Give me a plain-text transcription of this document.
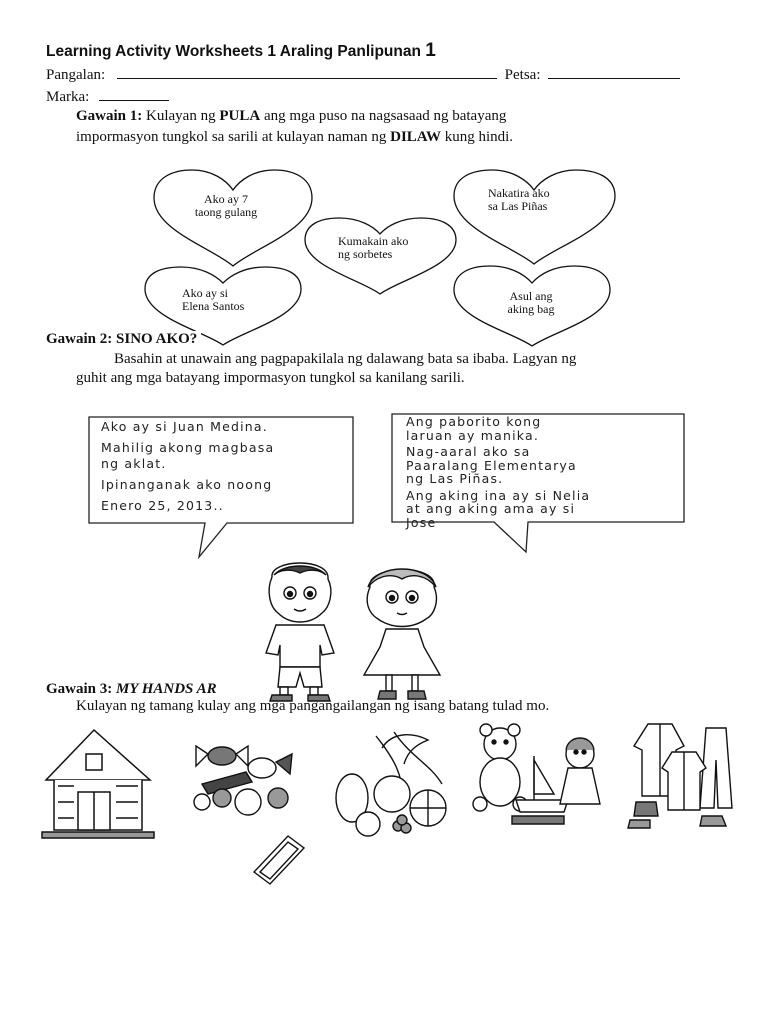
Learning Activity Worksheets 1 Araling Panlipunan 1
Pangalan:	Petsa:
Marka:
Gawain 1: Kulayan ng PULA ang mga puso na nagsasaad ng batayang
impormasyon tungkol sa sarili at kulayan naman ng DILAW kung hindi.
Ako ay 7 taong gulang
Nakatira ako sa Las Piñas
Kumakain ako ng sorbetes
Ako ay si Elena Santos
Asul ang aking bag
Gawain 2: SINO AKO?
Basahin at unawain ang pagpapakilala ng dalawang bata sa ibaba. Lagyan ng
guhit ang mga batayang impormasyon tungkol sa kanilang sarili.
Ako ay si Juan Medina.
Mahilig akong magbasa
ng aklat.
Ipinanganak ako noong
Enero 25, 2013..
Ang paborito kong
laruan ay manika.
Nag-aaral ako sa
Paaralang Elementarya
ng Las Piñas.
Ang aking ina ay si Nelia
at ang aking ama ay si
Jose
Gawain 3: MY HANDS AR
Kulayan ng tamang kulay ang mga pangangailangan ng isang batang tulad mo.
